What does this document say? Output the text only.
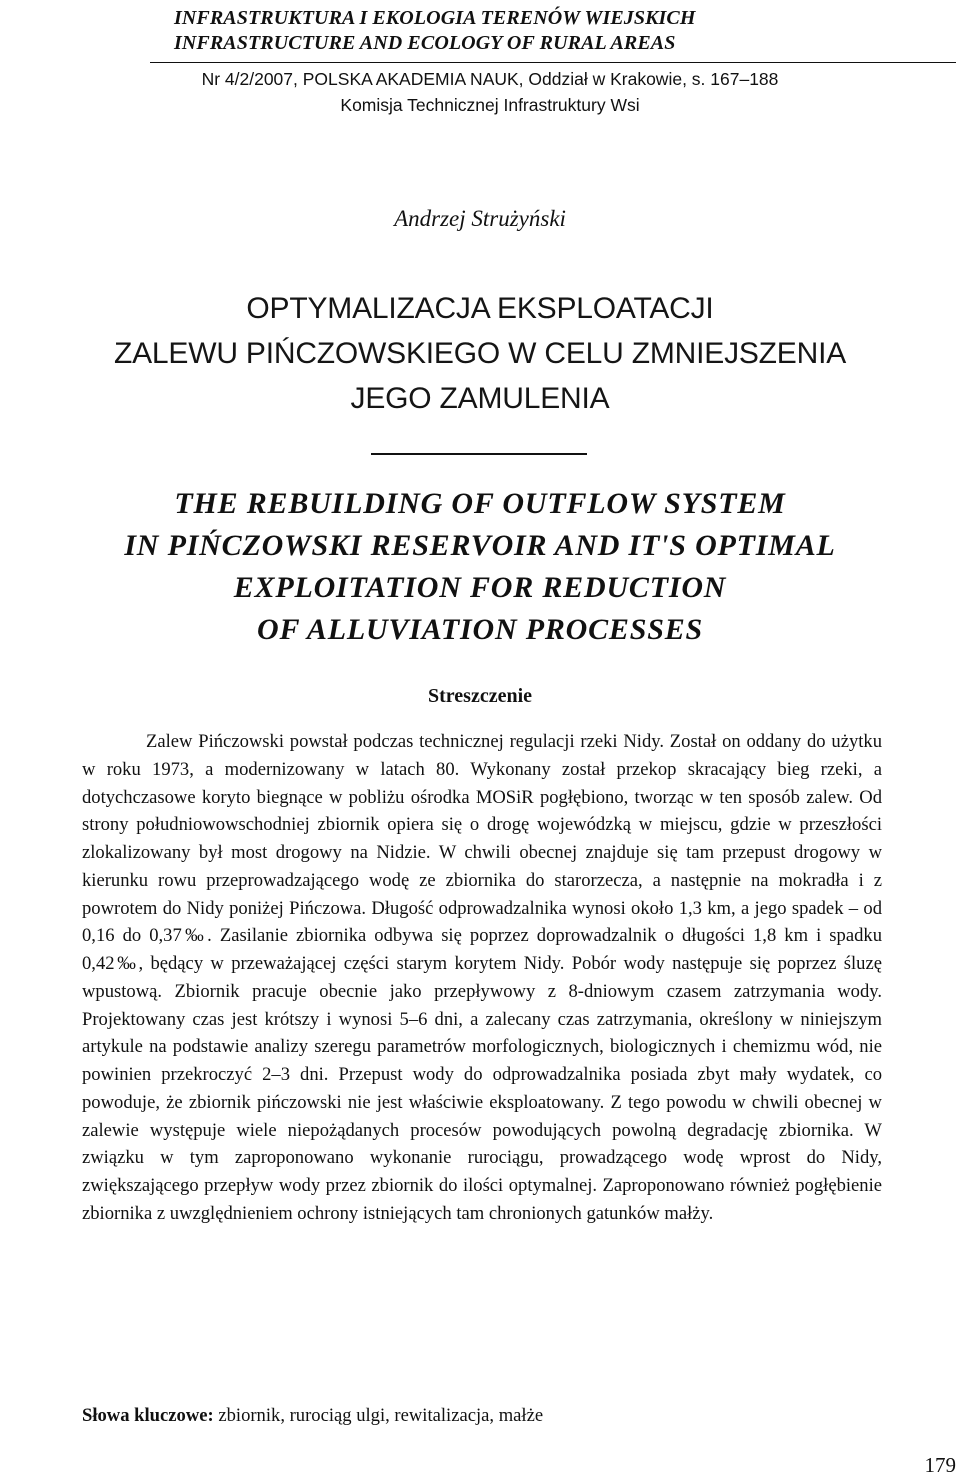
INFRASTRUKTURA I EKOLOGIA TERENÓW WIEJSKICH
INFRASTRUCTURE AND ECOLOGY OF RURAL AREAS
Nr 4/2/2007, POLSKA AKADEMIA NAUK, Oddział w Krakowie, s. 167–188
Komisja Technicznej Infrastruktury Wsi
Andrzej Strużyński
OPTYMALIZACJA EKSPLOATACJI
ZALEWU PIŃCZOWSKIEGO W CELU ZMNIEJSZENIA
JEGO ZAMULENIA
THE REBUILDING OF OUTFLOW SYSTEM
IN PIŃCZOWSKI RESERVOIR AND IT'S OPTIMAL
EXPLOITATION FOR REDUCTION
OF ALLUVIATION PROCESSES
Streszczenie
Zalew Pińczowski powstał podczas technicznej regulacji rzeki Nidy. Został on oddany do użytku w roku 1973, a modernizowany w latach 80. Wykonany został przekop skracający bieg rzeki, a dotychczasowe koryto biegnące w pobliżu ośrodka MOSiR pogłębiono, tworząc w ten sposób zalew. Od strony południowowschodniej zbiornik opiera się o drogę wojewódzką w miejscu, gdzie w przeszłości zlokalizowany był most drogowy na Nidzie. W chwili obecnej znajduje się tam przepust drogowy w kierunku rowu przeprowadzającego wodę ze zbiornika do starorzecza, a następnie na mokradła i z powrotem do Nidy poniżej Pińczowa. Długość odprowadzalnika wynosi około 1,3 km, a jego spadek – od 0,16 do 0,37‰. Zasilanie zbiornika odbywa się poprzez doprowadzalnik o długości 1,8 km i spadku 0,42‰, będący w przeważającej części starym korytem Nidy. Pobór wody następuje się poprzez śluzę wpustową. Zbiornik pracuje obecnie jako przepływowy z 8-dniowym czasem zatrzymania wody. Projektowany czas jest krótszy i wynosi 5–6 dni, a zalecany czas zatrzymania, określony w niniejszym artykule na podstawie analizy szeregu parametrów morfologicznych, biologicznych i chemizmu wód, nie powinien przekroczyć 2–3 dni. Przepust wody do odprowadzalnika posiada zbyt mały wydatek, co powoduje, że zbiornik pińczowski nie jest właściwie eksploatowany. Z tego powodu w chwili obecnej w zalewie występuje wiele niepożądanych procesów powodujących powolną degradację zbiornika. W związku w tym zaproponowano wykonanie rurociągu, prowadzącego wodę wprost do Nidy, zwiększającego przepływ wody przez zbiornik do ilości optymalnej. Zaproponowano również pogłębienie zbiornika z uwzględnieniem ochrony istniejących tam chronionych gatunków małży.
Słowa kluczowe: zbiornik, rurociąg ulgi, rewitalizacja, małże
179
